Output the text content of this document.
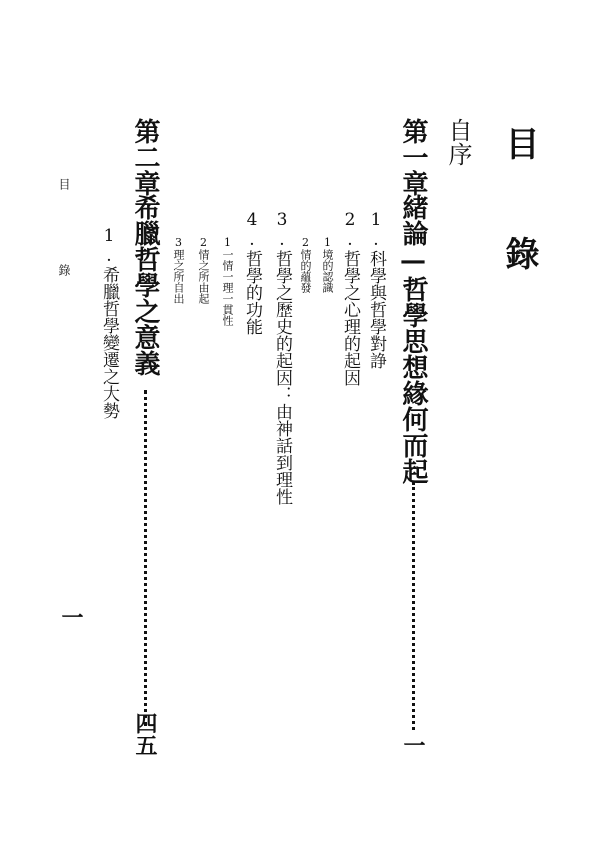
目 錄
自序
第一章
緒論—哲學思想緣何而起
一
1.科學與哲學對諍
2.哲學之心理的起因
1境的認識
2情的蘊發
3.哲學之歷史的起因：由神話到理性
4.哲學的功能
1一情一理一貫性
2情之所由起
3理之所自出
第二章
希臘哲學之意義
四五
1.希臘哲學變遷之大勢
目 錄
一
